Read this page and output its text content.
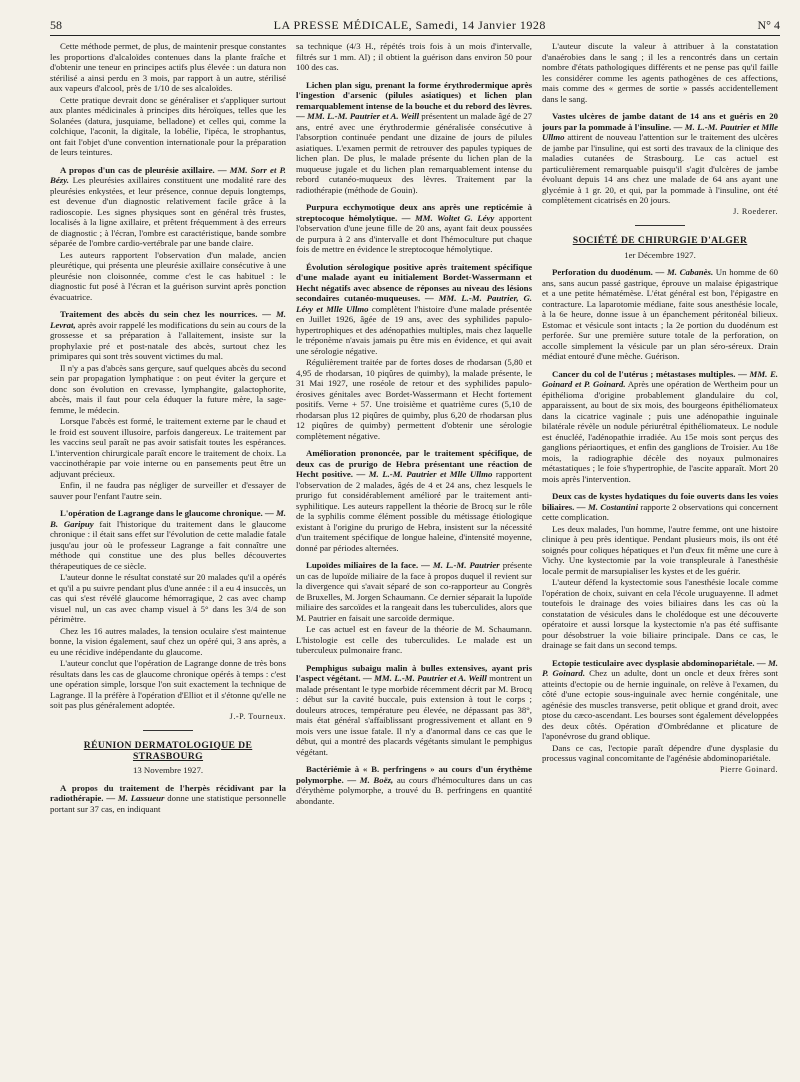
58	LA PRESSE MÉDICALE, Samedi, 14 Janvier 1928	N° 4

Cette méthode permet, de plus, de maintenir presque constantes les proportions d'alcaloïdes contenues dans la plante fraîche et d'obtenir une teneur en principes actifs plus élevée : un datura non stérilisé a ainsi perdu en 3 mois, par rapport à un autre, stérilisé aux vapeurs d'alcool, près de 1/10 de ses alcaloïdes.

Cette pratique devrait donc se généraliser et s'appliquer surtout aux plantes médicinales à principes dits héroïques, telles que les Solanées (datura, jusquiame, belladone) et celles qui, comme la colchique, l'aconit, la digitale, la lobélie, l'ipéca, le strophantus, ont fait l'objet d'une convention internationale pour la préparation de leurs teintures.

A propos d'un cas de pleurésie axillaire. — MM. Sorr et P. Bézy. Les pleurésies axillaires constituent une modalité rare des pleurésies enkystées, et leur présence, connue depuis longtemps, est devenue d'un diagnostic relativement facile grâce à la radioscopie. Les signes physiques sont en général très frustes, localisés à la ligne axillaire, et prêtent fréquemment à des erreurs de diagnostic ; à l'écran, l'ombre est caractéristique, bande sombre séparée de l'ombre cardio-vertébrale par une bande claire.

Les auteurs rapportent l'observation d'un malade, ancien pleurétique, qui présenta une pleurésie axillaire consécutive à une pleurésie non cloisonnée, comme c'est le cas habituel : le diagnostic fut posé à l'écran et la guérison survint après ponction évacuatrice.

Traitement des abcès du sein chez les nourrices. — M. Levrat, après avoir rappelé les modifications du sein au cours de la grossesse et sa préparation à l'allaitement, insiste sur la prophylaxie pré et post-natale des abcès, surtout chez les primipares qui sont très souvent victimes du mal.

Il n'y a pas d'abcès sans gerçure, sauf quelques abcès du second sein par propagation lymphatique : on peut éviter la gerçure et donc son évolution en crevasse, lymphangite, galactophorite, abcès, mais il faut pour cela éduquer la future mère, la sage-femme, le médecin.

Lorsque l'abcès est formé, le traitement externe par le chaud et le froid est souvent illusoire, parfois dangereux. Le traitement par les vaccins seul paraît ne pas avoir satisfait toutes les espérances. L'intervention chirurgicale paraît encore le traitement de choix. La vaccinothérapie par voie interne ou en pansements peut être un adjuvant précieux.

Enfin, il ne faudra pas négliger de surveiller et d'essayer de sauver pour l'enfant l'autre sein.

L'opération de Lagrange dans le glaucome chronique. — M. B. Garipuy fait l'historique du traitement dans le glaucome chronique : il était sans effet sur l'évolution de cette maladie fatale jusqu'au jour où le professeur Lagrange a fait connaître une méthode qui constitue une des plus belles découvertes thérapeutiques de ce siècle.

L'auteur donne le résultat constaté sur 20 malades qu'il a opérés et qu'il a pu suivre pendant plus d'une année : il a eu 4 insuccès, un cas qui s'est révélé glaucome hémorragique, 2 cas avec champ visuel nul, un cas avec champ visuel à 5° dans les 3/4 de son périmètre.

Chez les 16 autres malades, la tension oculaire s'est maintenue bonne, la vision également, sauf chez un opéré qui, 3 ans après, a eu une récidive indépendante du glaucome.

L'auteur conclut que l'opération de Lagrange donne de très bons résultats dans les cas de glaucome chronique opérés à temps : c'est une opération simple, lorsque l'on suit exactement la technique de Lagrange. Il la préfère à l'opération d'Elliot et il s'étonne qu'elle ne soit pas plus généralement adoptée.

J.-P. Tourneux.

RÉUNION DERMATOLOGIQUE DE STRASBOURG
13 Novembre 1927.

A propos du traitement de l'herpès récidivant par la radiothérapie. — M. Lassueur donne une statistique personnelle portant sur 37 cas, en indiquant

sa technique (4/3 H., répétés trois fois à un mois d'intervalle, filtrés sur 1 mm. Al) ; il obtient la guérison dans environ 50 pour 100 des cas.

Lichen plan sigu, prenant la forme érythrodermique après l'ingestion d'arsenic (pilules asiatiques) et lichen plan remarquablement intense de la bouche et du rebord des lèvres. — MM. L.-M. Pautrier et A. Weill présentent un malade âgé de 27 ans, entré avec une érythrodermie généralisée consécutive à l'absorption continuée pendant une dizaine de jours de pilules asiatiques. L'examen permit de retrouver des papules typiques de lichen plan. De plus, le malade présente du lichen plan de la muqueuse jugale et du lichen plan remarquablement intense du rebord cutanéo-muqueux des lèvres. Traitement par la radiothérapie (méthode de Gouin).

Purpura ecchymotique deux ans après une repticémie à streptocoque hémolytique. — MM. Woltet G. Lévy apportent l'observation d'une jeune fille de 20 ans, ayant fait deux poussées de purpura à 2 ans d'intervalle et dont l'hémoculture put chaque fois de mettre en évidence le streptocoque hémolytique.

Évolution sérologique positive après traitement spécifique d'une malade ayant eu initialement Bordet-Wassermann et Hecht négatifs avec absence de réponses au niveau des lésions secondaires cutanéo-muqueuses. — MM. L.-M. Pautrier, G. Lévy et Mlle Ullmo complètent l'histoire d'une malade présentée en Juillet 1926, âgée de 19 ans, avec des syphilides papulo-hypertrophiques et des adénopathies multiples, mais chez laquelle le tréponème n'avais jamais pu être mis en évidence, et qui avait une sérologie négative.

Régulièrement traitée par de fortes doses de rhodarsan (5,80 et 4,95 de rhodarsan, 10 piqûres de quimby), la malade présente, le 31 Mai 1927, une roséole de retour et des syphilides papulo-érosives génitales avec Bordet-Wassermann et Hecht fortement positifs. Verne + 57. Une troisième et quatrième cures (5,10 de rhodarsan plus 12 piqûres de quimby, plus 6,20 de rhodarsan plus 12 piqûres de quimby) permettent d'obtenir une sérologie complètement négative.

Amélioration prononcée, par le traitement spécifique, de deux cas de prurigo de Hebra présentant une réaction de Hecht positive. — M. L.-M. Pautrier et Mlle Ullmo rapportent l'observation de 2 malades, âgés de 4 et 24 ans, chez lesquels le prurigo fut considérablement amélioré par le traitement anti-syphilitique. Les auteurs rappellent la théorie de Brocq sur le rôle de la syphilis comme élément possible du métissage étiologique existant à l'origine du prurigo de Hebra, insistent sur la nécessité d'un traitement spécifique de longue haleine, d'intensité moyenne, donné par périodes alternées.

Lupoïdes miliaires de la face. — M. L.-M. Pautrier présente un cas de lupoïde miliaire de la face à propos duquel il revient sur la divergence qui s'avait séparé de son co-rapporteur au Congrès de Bruxelles, M. Jorgen Schaumann. Ce dernier séparait la lupoïde miliaire des sarcoïdes et la rangeait dans les tuberculides, alors que M. Pautrier en faisait une sarcoïde dermique.

Le cas actuel est en faveur de la théorie de M. Schaumann. L'histologie est celle des tuberculides. Le malade est un tuberculeux pulmonaire franc.

Pemphigus subaigu malin à bulles extensives, ayant pris l'aspect végétant. — MM. L.-M. Pautrier et A. Weill montrent un malade présentant le type morbide récemment décrit par M. Brocq : début sur la cavité buccale, puis extension à tout le corps ; douleurs atroces, température peu élevée, ne dépassant pas 38°, mais état général s'affaiblissant progressivement et allant en 9 mois vers une issue fatale. Il n'y a d'anormal dans ce cas que le début, qui a montré des placards végétants simulant le pemphigus végétant.

Bactériémie à « B. perfringens » au cours d'un érythème polymorphe. — M. Boëz, au cours d'hémocultures dans un cas d'érythème polymorphe, a trouvé du B. perfringens en quantité abondante.

L'auteur discute la valeur à attribuer à la constatation d'anaérobies dans le sang ; il les a rencontrés dans un certain nombre d'états pathologiques différents et ne pense pas qu'il faille les considérer comme les agents pathogènes de ces affections, mais comme des « germes de sortie » passés accidentellement dans le sang.

Vastes ulcères de jambe datant de 14 ans et guéris en 20 jours par la pommade à l'insuline. — M. L.-M. Pautrier et Mlle Ullmo attirent de nouveau l'attention sur le traitement des ulcères de jambe par l'insuline, qui est sorti des travaux de la clinique des maladies cutanées de Strasbourg. Le cas actuel est particulièrement remarquable puisqu'il s'agit d'ulcères de jambe évoluant depuis 14 ans chez une malade de 64 ans ayant une glycémie à 1 gr. 20, et qui, par la pommade à l'insuline, ont été complètement cicatrisés en 20 jours.

J. Roederer.

SOCIÉTÉ DE CHIRURGIE D'ALGER
1er Décembre 1927.

Perforation du duodénum. — M. Cabanès. Un homme de 60 ans, sans aucun passé gastrique, éprouve un malaise épigastrique et a une petite hématémèse. L'état général est bon, l'épigastre en contracture. La laparotomie médiane, faite sous anesthésie locale, à la 6e heure, donne issue à un épanchement péritonéal bilieux. Estomac et vésicule sont intacts ; la 2e portion du duodénum est perforée. Sur une première suture totale de la perforation, on accolle simplement la vésicule par un plan séro-séreux. Drain médiat entouré d'une mèche. Guérison.

Cancer du col de l'utérus ; métastases multiples. — MM. E. Goinard et P. Goinard. Après une opération de Wertheim pour un épithélioma d'origine probablement glandulaire du col, apparaissent, au bout de six mois, des bourgeons épithéliomateux dans la cicatrice vaginale ; puis une adénopathie inguinale bilatérale révèle un nodule périurétral épithéliomateux. Le nodule est énucléé, l'adénopathie irradiée. Au 15e mois sont perçus des ganglions périaortiques, et enfin des ganglions de Troisier. Au 18e mois, la radiographie décèle des noyaux pulmonaires métastatiques ; le foie s'hypertrophie, de l'ascite apparaît. Mort 20 mois après l'intervention.

Deux cas de kystes hydatiques du foie ouverts dans les voies biliaires. — M. Costantini rapporte 2 observations qui concernent cette complication.

Les deux malades, l'un homme, l'autre femme, ont une histoire clinique à peu près identique. Pendant plusieurs mois, ils ont été soignés pour coliques hépatiques et l'un d'eux fit même une cure à Vichy. Une kystectomie par la voie transpleurale à l'anesthésie locale permit de marsupialiser les kystes et de les guérir.

L'auteur défend la kystectomie sous l'anesthésie locale comme l'opération de choix, suivant en cela l'école uruguayenne. Il admet toutefois le drainage des voies biliaires dans les cas où la constatation de vésicules dans le cholédoque est une découverte opératoire et aussi lorsque la kystectomie n'a pas été suffisante pour désobstruer la voie biliaire principale. Dans ce cas, le drainage se fait dans un second temps.

Ectopie testiculaire avec dysplasie abdominopariétale. — M. P. Goinard. Chez un adulte, dont un oncle et deux frères sont atteints d'ectopie ou de hernie inguinale, on relève à l'examen, du côté d'une ectopie sous-inguinale avec hernie congénitale, une agénésie des muscles transverse, petit oblique et grand droit, avec ptose du cæco-ascendant. Les bourses sont également développées des deux côtés. Opération d'Ombrédanne et plicature de l'aponévrose du grand oblique.

Dans ce cas, l'ectopie paraît dépendre d'une dysplasie du processus vaginal concomitante de l'agénésie abdominopariétale.

Pierre Goinard.
